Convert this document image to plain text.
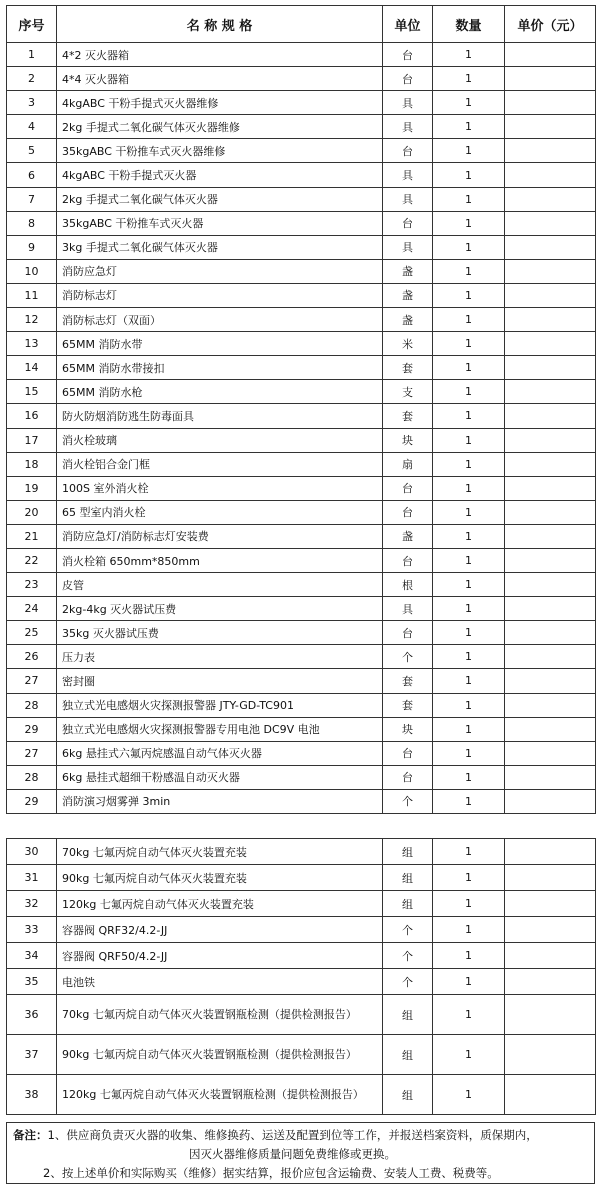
序号	名 称 规 格	单位	数量	单价（元）
1	4*2 灭火器箱	台	1	
2	4*4 灭火器箱	台	1	
3	4kgABC 干粉手提式灭火器维修	具	1	
4	2kg 手提式二氧化碳气体灭火器维修	具	1	
5	35kgABC 干粉推车式灭火器维修	台	1	
6	4kgABC 干粉手提式灭火器	具	1	
7	2kg 手提式二氧化碳气体灭火器	具	1	
8	35kgABC 干粉推车式灭火器	台	1	
9	3kg 手提式二氧化碳气体灭火器	具	1	
10	消防应急灯	盏	1	
11	消防标志灯	盏	1	
12	消防标志灯（双面）	盏	1	
13	65MM 消防水带	米	1	
14	65MM 消防水带接扣	套	1	
15	65MM 消防水枪	支	1	
16	防火防烟消防逃生防毒面具	套	1	
17	消火栓玻璃	块	1	
18	消火栓铝合金门框	扇	1	
19	100S 室外消火栓	台	1	
20	65 型室内消火栓	台	1	
21	消防应急灯/消防标志灯安装费	盏	1	
22	消火栓箱 650mm*850mm	台	1	
23	皮管	根	1	
24	2kg-4kg 灭火器试压费	具	1	
25	35kg 灭火器试压费	台	1	
26	压力表	个	1	
27	密封圈	套	1	
28	独立式光电感烟火灾探测报警器 JTY-GD-TC901	套	1	
29	独立式光电感烟火灾探测报警器专用电池 DC9V 电池	块	1	
27	6kg 悬挂式六氟丙烷感温自动气体灭火器	台	1	
28	6kg 悬挂式超细干粉感温自动灭火器	台	1	
29	消防演习烟雾弹 3min	个	1	
30	70kg 七氟丙烷自动气体灭火装置充装	组	1	
31	90kg 七氟丙烷自动气体灭火装置充装	组	1	
32	120kg 七氟丙烷自动气体灭火装置充装	组	1	
33	容器阀 QRF32/4.2-JJ	个	1	
34	容器阀 QRF50/4.2-JJ	个	1	
35	电池铁	个	1	
36	70kg 七氟丙烷自动气体灭火装置钢瓶检测（提供检测报告）	组	1	
37	90kg 七氟丙烷自动气体灭火装置钢瓶检测（提供检测报告）	组	1	
38	120kg 七氟丙烷自动气体灭火装置钢瓶检测（提供检测报告）	组	1	

备注：1、供应商负责灭火器的收集、维修换药、运送及配置到位等工作，并报送档案资料，质保期内，

因灭火器维修质量问题免费维修或更换。

2、按上述单价和实际购买（维修）据实结算，报价应包含运输费、安装人工费、税费等。
